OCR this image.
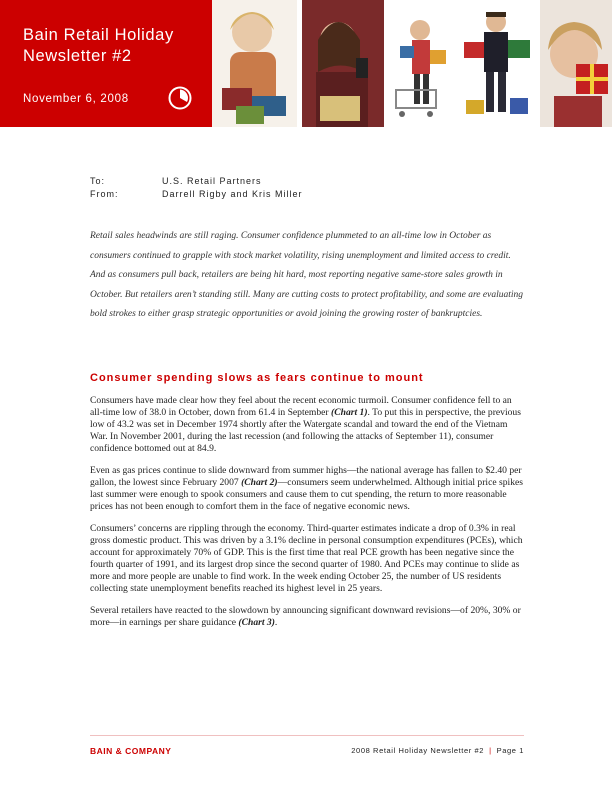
Bain Retail Holiday
Newsletter #2
November 6, 2008
To:	U.S. Retail Partners
From:	Darrell Rigby and Kris Miller

Retail sales headwinds are still raging. Consumer confidence plummeted to an all-time low in October as consumers continued to grapple with stock market volatility, rising unemployment and limited access to credit. And as consumers pull back, retailers are being hit hard, most reporting negative same-store sales growth in October. But retailers aren’t standing still. Many are cutting costs to protect profitability, and some are evaluating bold strokes to either grasp strategic opportunities or avoid joining the growing roster of bankruptcies.

Consumer spending slows as fears continue to mount

Consumers have made clear how they feel about the recent economic turmoil. Consumer confidence fell to an all-time low of 38.0 in October, down from 61.4 in September (Chart 1). To put this in perspective, the previous low of 43.2 was set in December 1974 shortly after the Watergate scandal and toward the end of the Vietnam War. In November 2001, during the last recession (and following the attacks of September 11), consumer confidence bottomed out at 84.9.

Even as gas prices continue to slide downward from summer highs—the national average has fallen to $2.40 per gallon, the lowest since February 2007 (Chart 2)—consumers seem underwhelmed. Although initial price spikes last summer were enough to spook consumers and cause them to cut spending, the return to more reasonable prices has not been enough to comfort them in the face of negative economic news.

Consumers’ concerns are rippling through the economy. Third-quarter estimates indicate a drop of 0.3% in real gross domestic product. This was driven by a 3.1% decline in personal consumption expenditures (PCEs), which account for approximately 70% of GDP. This is the first time that real PCE growth has been negative since the fourth quarter of 1991, and its largest drop since the second quarter of 1980. And PCEs may continue to slide as more and more people are unable to find work. In the week ending October 25, the number of US residents collecting state unemployment benefits reached its highest level in 25 years.

Several retailers have reacted to the slowdown by announcing significant downward revisions—of 20%, 30% or more—in earnings per share guidance (Chart 3).

BAIN & COMPANY	2008 Retail Holiday Newsletter #2 | Page 1
